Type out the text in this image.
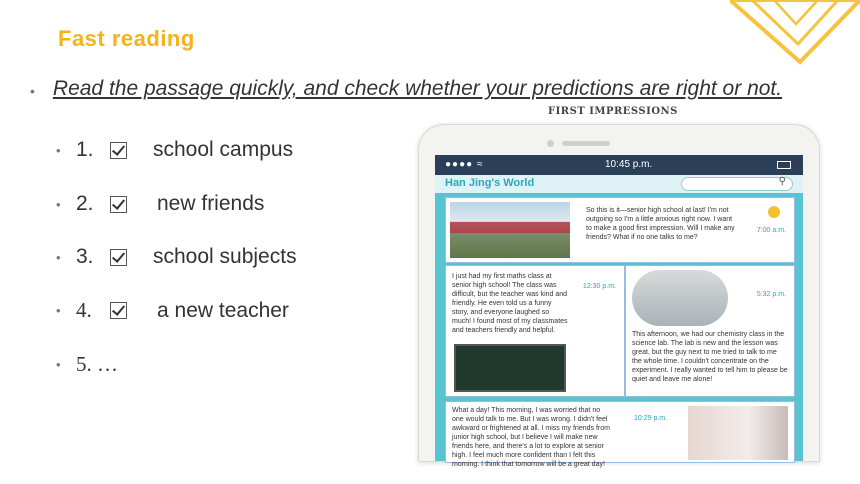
Fast reading
• Read the passage quickly, and check whether your predictions are right or not.
FIRST IMPRESSIONS
• 1.	school campus
• 2.	new friends
• 3.	school subjects
• 4.	a new teacher
• 5. …
●●●● ≈	10:45 p.m.
Han Jing's World	⚲

So this is it—senior high school at last! I'm not outgoing so I'm a little anxious right now. I want to make a good first impression. Will I make any friends? What if no one talks to me?

7:00 a.m.

I just had my first maths class at senior high school! The class was difficult, but the teacher was kind and friendly. He even told us a funny story, and everyone laughed so much! I found most of my classmates and teachers friendly and helpful.

12:30 p.m.
5:32 p.m.

This afternoon, we had our chemistry class in the science lab. The lab is new and the lesson was great, but the guy next to me tried to talk to me the whole time. I couldn't concentrate on the experiment. I really wanted to tell him to please be quiet and leave me alone!

What a day! This morning, I was worried that no one would talk to me. But I was wrong. I didn't feel awkward or frightened at all. I miss my friends from junior high school, but I believe I will make new friends here, and there's a lot to explore at senior high. I feel much more confident than I felt this morning. I think that tomorrow will be a great day!

10:29 p.m.
